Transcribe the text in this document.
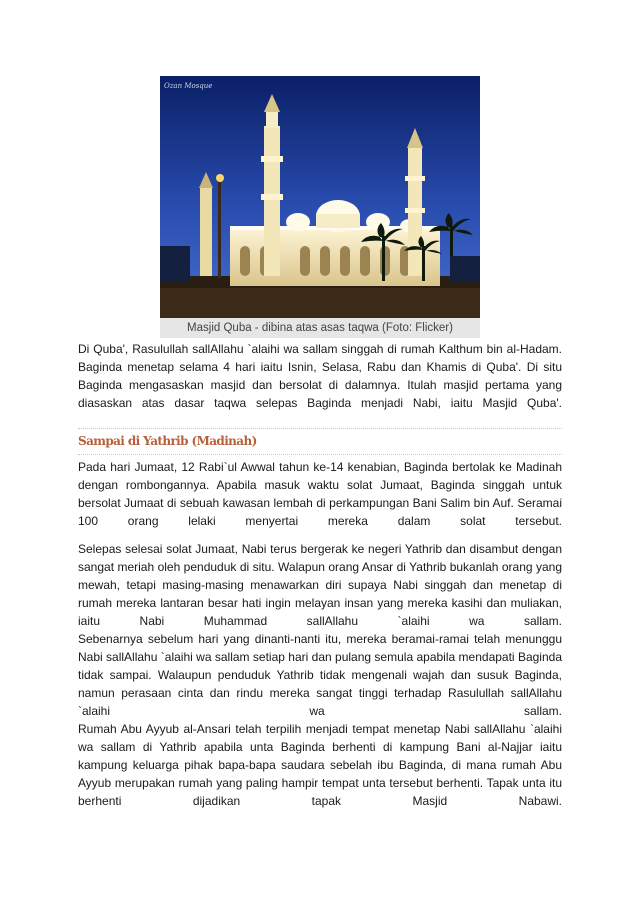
Ozan Mosque
Masjid Quba - dibina atas asas taqwa (Foto: Flicker)
Di Quba', Rasulullah sallAllahu `alaihi wa sallam singgah di rumah Kalthum bin al-Hadam. Baginda menetap selama 4 hari iaitu Isnin, Selasa, Rabu dan Khamis di Quba'. Di situ Baginda mengasaskan masjid dan bersolat di dalamnya. Itulah masjid pertama yang diasaskan atas dasar taqwa selepas Baginda menjadi Nabi, iaitu Masjid Quba'.
Sampai di Yathrib (Madinah)
Pada hari Jumaat, 12 Rabi`ul Awwal tahun ke-14 kenabian, Baginda bertolak ke Madinah dengan rombongannya. Apabila masuk waktu solat Jumaat, Baginda singgah untuk bersolat Jumaat di sebuah kawasan lembah di perkampungan Bani Salim bin Auf. Seramai 100 orang lelaki menyertai mereka dalam solat tersebut.
Selepas selesai solat Jumaat, Nabi terus bergerak ke negeri Yathrib dan disambut dengan sangat meriah oleh penduduk di situ. Walapun orang Ansar di Yathrib bukanlah orang yang mewah, tetapi masing-masing menawarkan diri supaya Nabi singgah dan menetap di rumah mereka lantaran besar hati ingin melayan insan yang mereka kasihi dan muliakan, iaitu Nabi Muhammad sallAllahu `alaihi wa sallam.
Sebenarnya sebelum hari yang dinanti-nanti itu, mereka beramai-ramai telah menunggu Nabi sallAllahu `alaihi wa sallam setiap hari dan pulang semula apabila mendapati Baginda tidak sampai. Walaupun penduduk Yathrib tidak mengenali wajah dan susuk Baginda, namun perasaan cinta dan rindu mereka sangat tinggi terhadap Rasulullah sallAllahu `alaihi wa sallam.
Rumah Abu Ayyub al-Ansari telah terpilih menjadi tempat menetap Nabi sallAllahu `alaihi wa sallam di Yathrib apabila unta Baginda berhenti di kampung Bani al-Najjar iaitu kampung keluarga pihak bapa-bapa saudara sebelah ibu Baginda, di mana rumah Abu Ayyub merupakan rumah yang paling hampir tempat unta tersebut berhenti. Tapak unta itu berhenti dijadikan tapak Masjid Nabawi.
